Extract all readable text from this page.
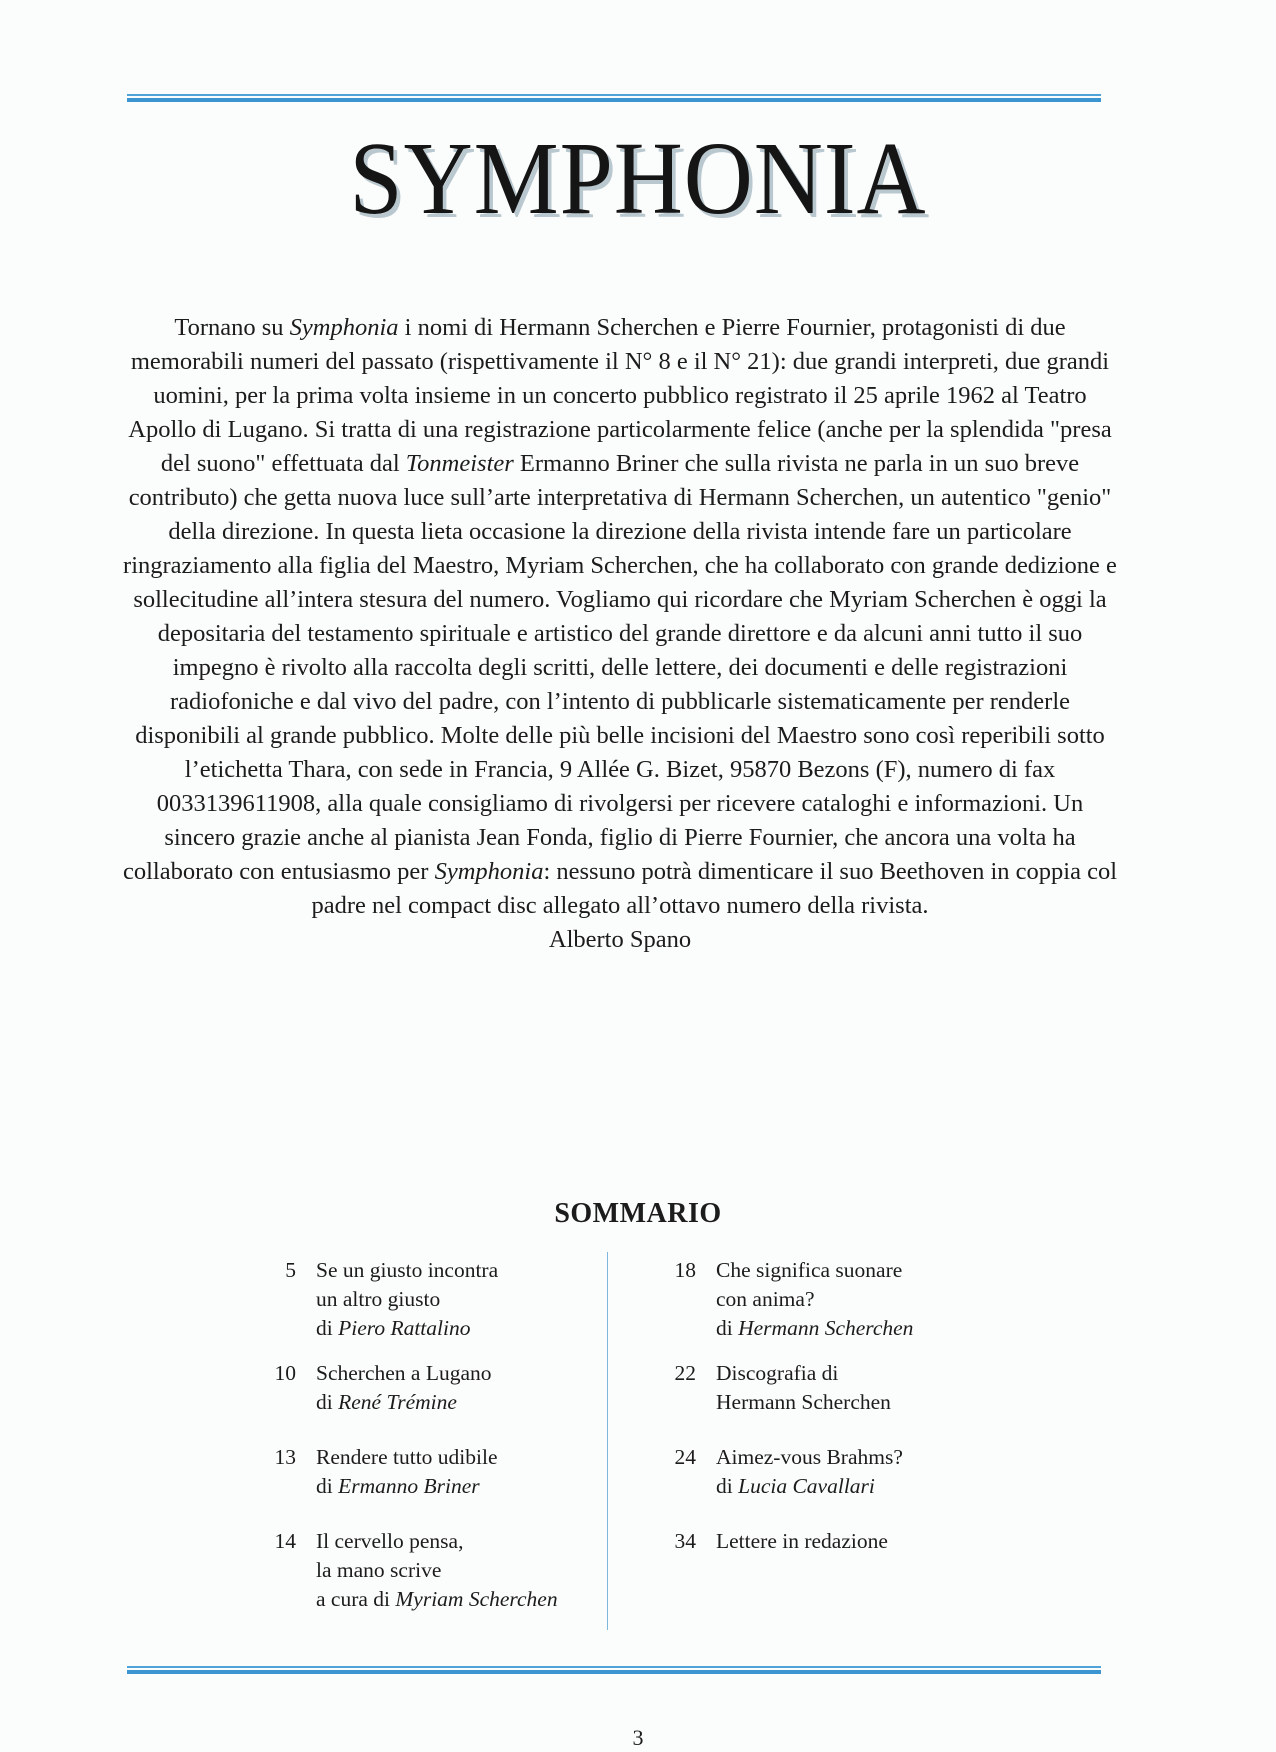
SYMPHONIA

Tornano su Symphonia i nomi di Hermann Scherchen e Pierre Fournier, protagonisti di due memorabili numeri del passato (rispettivamente il N° 8 e il N° 21): due grandi interpreti, due grandi uomini, per la prima volta insieme in un concerto pubblico registrato il 25 aprile 1962 al Teatro Apollo di Lugano. Si tratta di una registrazione particolarmente felice (anche per la splendida "presa del suono" effettuata dal Tonmeister Ermanno Briner che sulla rivista ne parla in un suo breve contributo) che getta nuova luce sull’arte interpretativa di Hermann Scherchen, un autentico "genio" della direzione. In questa lieta occasione la direzione della rivista intende fare un particolare ringraziamento alla figlia del Maestro, Myriam Scherchen, che ha collaborato con grande dedizione e sollecitudine all’intera stesura del numero. Vogliamo qui ricordare che Myriam Scherchen è oggi la depositaria del testamento spirituale e artistico del grande direttore e da alcuni anni tutto il suo impegno è rivolto alla raccolta degli scritti, delle lettere, dei documenti e delle registrazioni radiofoniche e dal vivo del padre, con l’intento di pubblicarle sistematicamente per renderle disponibili al grande pubblico. Molte delle più belle incisioni del Maestro sono così reperibili sotto l’etichetta Thara, con sede in Francia, 9 Allée G. Bizet, 95870 Bezons (F), numero di fax 0033139611908, alla quale consigliamo di rivolgersi per ricevere cataloghi e informazioni. Un sincero grazie anche al pianista Jean Fonda, figlio di Pierre Fournier, che ancora una volta ha collaborato con entusiasmo per Symphonia: nessuno potrà dimenticare il suo Beethoven in coppia col padre nel compact disc allegato all’ottavo numero della rivista.

Alberto Spano

SOMMARIO
5 Se un giusto incontra
un altro giusto
di Piero Rattalino
10 Scherchen a Lugano
di René Trémine
13 Rendere tutto udibile
di Ermanno Briner
14 Il cervello pensa,
la mano scrive
a cura di Myriam Scherchen
18 Che significa suonare
con anima?
di Hermann Scherchen
22 Discografia di
Hermann Scherchen
24 Aimez-vous Brahms?
di Lucia Cavallari
34 Lettere in redazione
3
